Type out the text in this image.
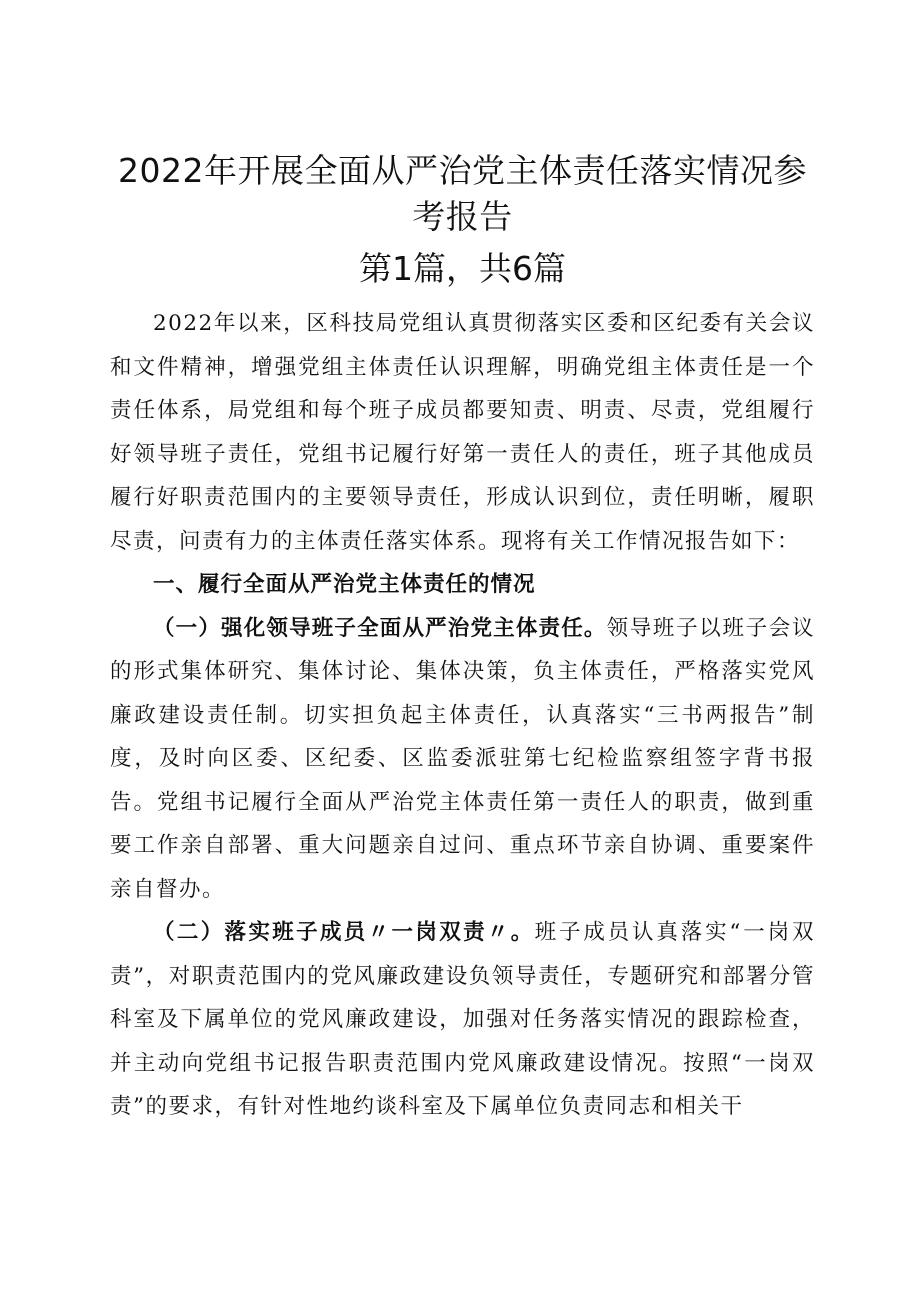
2022年开展全面从严治党主体责任落实情况参考报告
第1篇，共6篇

2022年以来，区科技局党组认真贯彻落实区委和区纪委有关会议和文件精神，增强党组主体责任认识理解，明确党组主体责任是一个责任体系，局党组和每个班子成员都要知责、明责、尽责，党组履行好领导班子责任，党组书记履行好第一责任人的责任，班子其他成员履行好职责范围内的主要领导责任，形成认识到位，责任明晰，履职尽责，问责有力的主体责任落实体系。现将有关工作情况报告如下：

一、履行全面从严治党主体责任的情况

（一）强化领导班子全面从严治党主体责任。领导班子以班子会议的形式集体研究、集体讨论、集体决策，负主体责任，严格落实党风廉政建设责任制。切实担负起主体责任，认真落实“三书两报告”制度，及时向区委、区纪委、区监委派驻第七纪检监察组签字背书报告。党组书记履行全面从严治党主体责任第一责任人的职责，做到重要工作亲自部署、重大问题亲自过问、重点环节亲自协调、重要案件亲自督办。

（二）落实班子成员〃一岗双责〃。班子成员认真落实“一岗双责”，对职责范围内的党风廉政建设负领导责任，专题研究和部署分管科室及下属单位的党风廉政建设，加强对任务落实情况的跟踪检查，并主动向党组书记报告职责范围内党风廉政建设情况。按照“一岗双责”的要求，有针对性地约谈科室及下属单位负责同志和相关干
